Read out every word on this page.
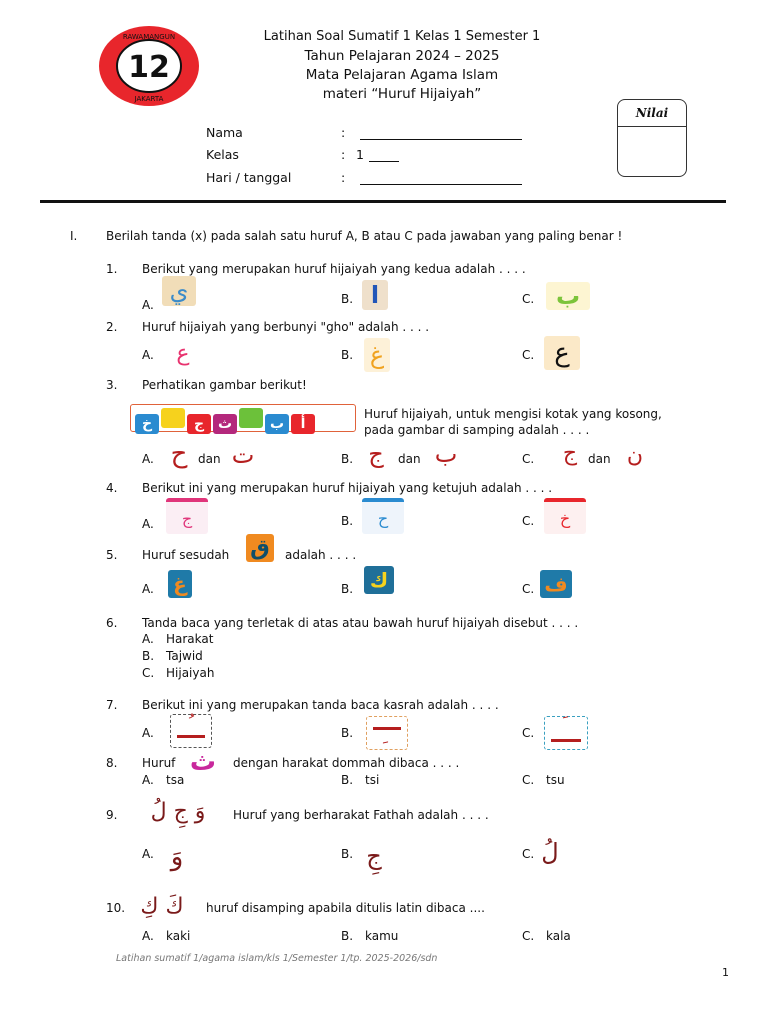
12
RAWAMANGUN
JAKARTA
Latihan Soal Sumatif 1 Kelas 1 Semester 1
Tahun Pelajaran 2024 – 2025
Mata Pelajaran Agama Islam
materi “Huruf Hijaiyah”
Nama	:
Kelas	: 1
Hari / tanggal	:
Nilai
I. Berilah tanda (x) pada salah satu huruf A, B atau C pada jawaban yang paling benar !
1. Berikut yang merupakan huruf hijaiyah yang kedua adalah . . . .
A. ي	B. ا	C. ب
2. Huruf hijaiyah yang berbunyi "gho" adalah . . . .
A. ع	B. غ	C. ع
3. Perhatikan gambar berikut!
خ	ج ث	ب أ
Huruf hijaiyah, untuk mengisi kotak yang kosong,
pada gambar di samping adalah . . . .
A. ح dan ت	B. ج	dan ب	C.	ج dan ن
4. Berikut ini yang merupakan huruf hijaiyah yang ketujuh adalah . . . .
A.	ج	B.	ح	C.	خ
5. Huruf sesudah ق	adalah . . . .
A. غ	B. ك	C. ف
6. Tanda baca yang terletak di atas atau bawah huruf hijaiyah disebut . . . .
A. Harakat
B. Tajwid
C. Hijaiyah
7. Berikut ini yang merupakan tanda baca kasrah adalah . . . .
A.	B.	C.
8. Huruf ث	dengan harakat dommah dibaca . . . .
A. tsa	B. tsi	C. tsu
9.	وَ جِ لُ	Huruf yang berharakat Fathah adalah . . . .
A. وَ	B. جِ	C. لُ
10. كَ كِ	huruf disamping apabila ditulis latin dibaca ....
A. kaki	B. kamu	C. kala
Latihan sumatif 1/agama islam/kls 1/Semester 1/tp. 2025-2026/sdn
1
